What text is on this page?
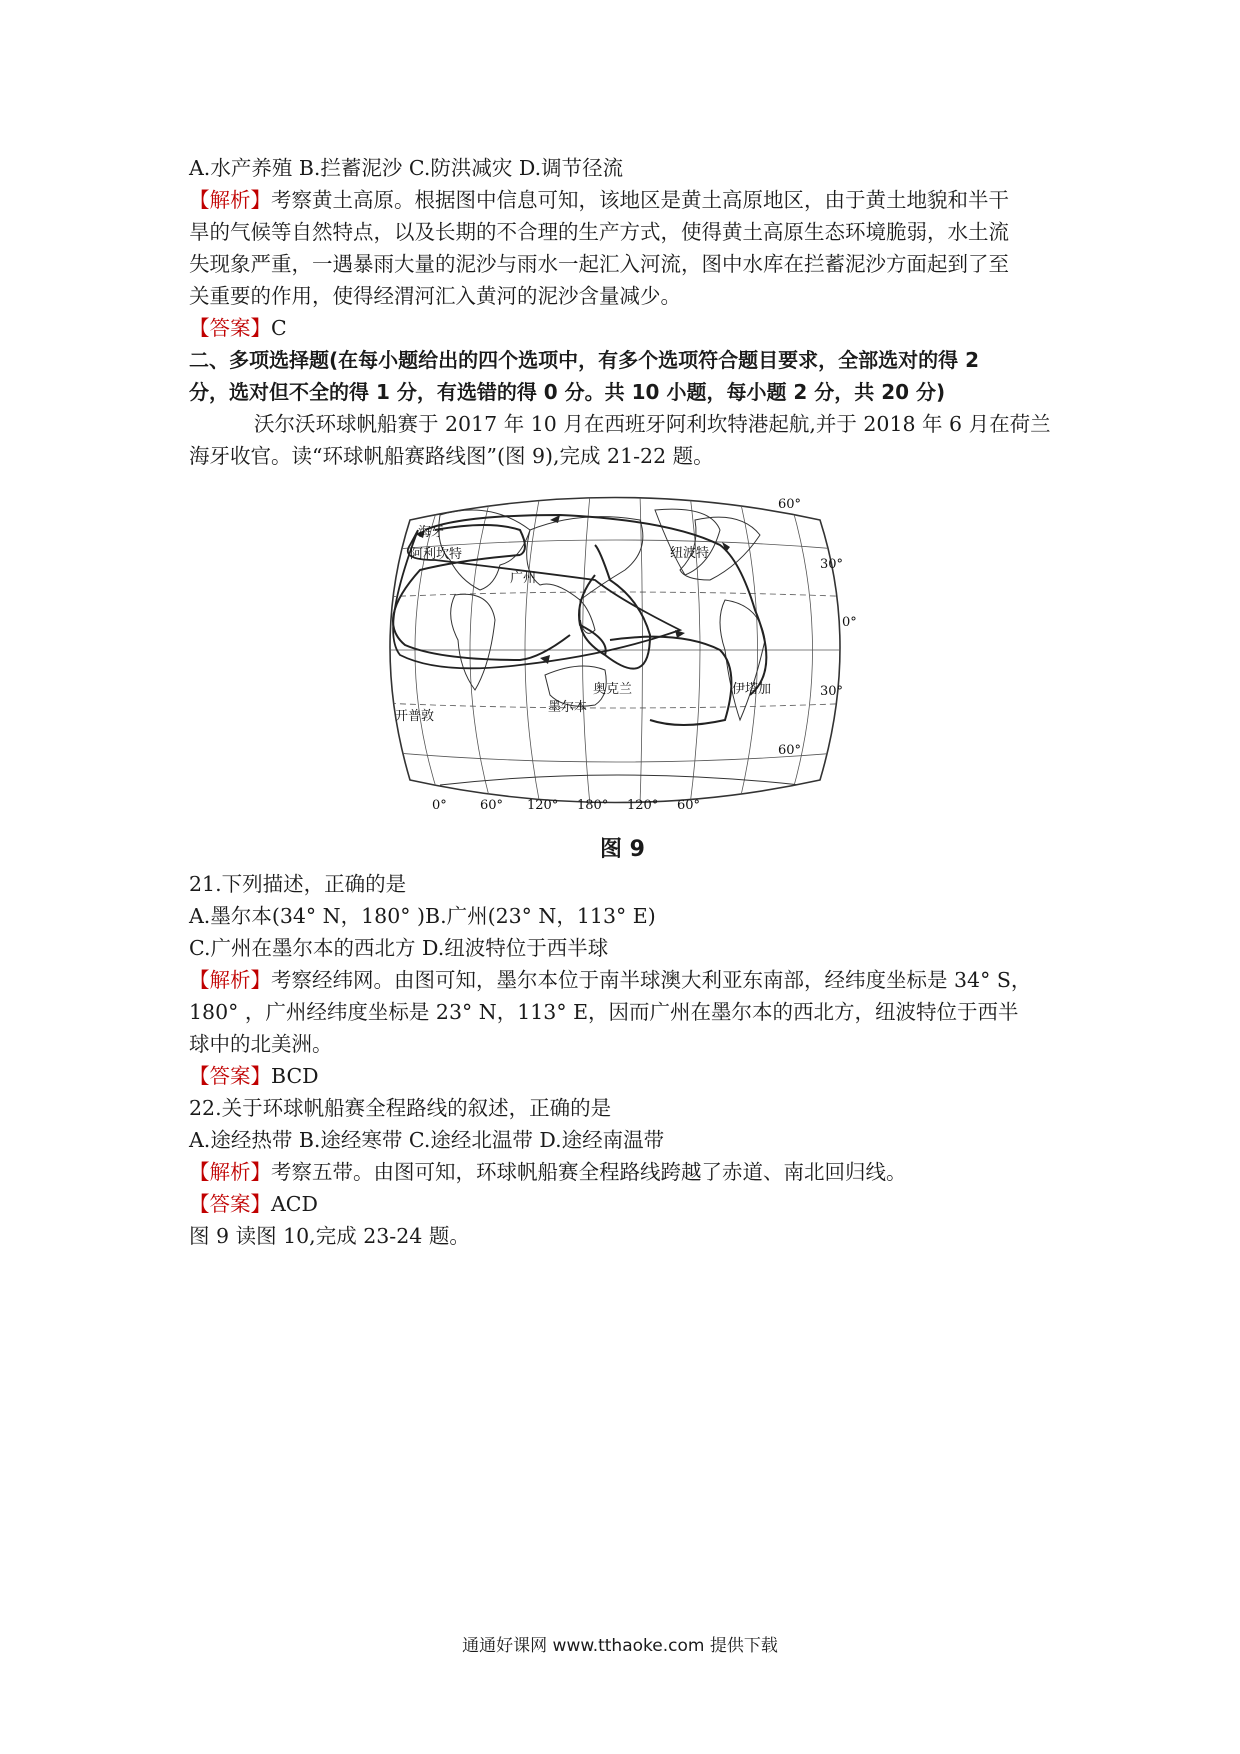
A.水产养殖 B.拦蓄泥沙 C.防洪减灾 D.调节径流
【解析】考察黄土高原。根据图中信息可知，该地区是黄土高原地区，由于黄土地貌和半干
旱的气候等自然特点，以及长期的不合理的生产方式，使得黄土高原生态环境脆弱，水土流
失现象严重，一遇暴雨大量的泥沙与雨水一起汇入河流，图中水库在拦蓄泥沙方面起到了至
关重要的作用，使得经渭河汇入黄河的泥沙含量减少。
【答案】C
二、多项选择题(在每小题给出的四个选项中，有多个选项符合题目要求，全部选对的得 2
分，选对但不全的得 1 分，有选错的得 0 分。共 10 小题，每小题 2 分，共 20 分)
沃尔沃环球帆船赛于 2017 年 10 月在西班牙阿利坎特港起航,并于 2018 年 6 月在荷兰
海牙收官。读“环球帆船赛路线图”(图 9),完成 21-22 题。
海牙
阿利坎特
广州
纽波特
伊塔加
奥克兰
墨尔本
开普敦
60°
30°
0°
30°
60°
0°	60° 120° 180° 120° 60°
图 9
21.下列描述，正确的是
A.墨尔本(34° N，180° )B.广州(23° N，113° E)
C.广州在墨尔本的西北方 D.纽波特位于西半球
【解析】考察经纬网。由图可知，墨尔本位于南半球澳大利亚东南部，经纬度坐标是 34° S，
180° ，广州经纬度坐标是 23° N，113° E，因而广州在墨尔本的西北方，纽波特位于西半
球中的北美洲。
【答案】BCD
22.关于环球帆船赛全程路线的叙述，正确的是
A.途经热带 B.途经寒带 C.途经北温带 D.途经南温带
【解析】考察五带。由图可知，环球帆船赛全程路线跨越了赤道、南北回归线。
【答案】ACD
图 9 读图 10,完成 23-24 题。
通通好课网 www.tthaoke.com 提供下载
